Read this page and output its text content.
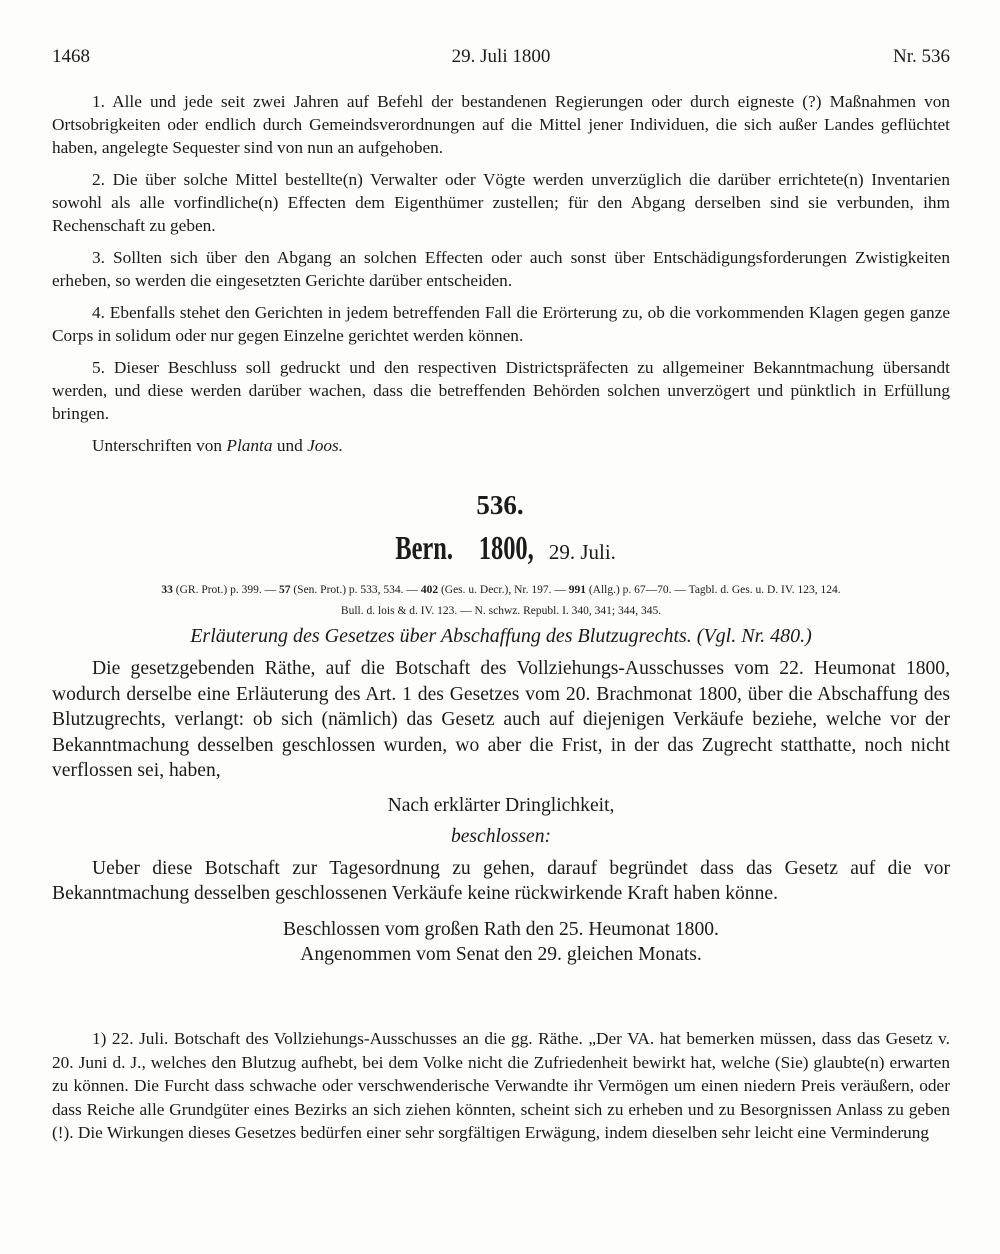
1468	29. Juli 1800	Nr. 536

1. Alle und jede seit zwei Jahren auf Befehl der bestandenen Regierungen oder durch eigneste (?) Maßnahmen von Ortsobrigkeiten oder endlich durch Gemeindsverordnungen auf die Mittel jener Individuen, die sich außer Landes geflüchtet haben, angelegte Sequester sind von nun an aufgehoben.

2. Die über solche Mittel bestellte(n) Verwalter oder Vögte werden unverzüglich die darüber errichtete(n) Inventarien sowohl als alle vorfindliche(n) Effecten dem Eigenthümer zustellen; für den Abgang derselben sind sie verbunden, ihm Rechenschaft zu geben.

3. Sollten sich über den Abgang an solchen Effecten oder auch sonst über Entschädigungsforderungen Zwistigkeiten erheben, so werden die eingesetzten Gerichte darüber entscheiden.

4. Ebenfalls stehet den Gerichten in jedem betreffenden Fall die Erörterung zu, ob die vorkommenden Klagen gegen ganze Corps in solidum oder nur gegen Einzelne gerichtet werden können.

5. Dieser Beschluss soll gedruckt und den respectiven Districtspräfecten zu allgemeiner Bekanntmachung übersandt werden, und diese werden darüber wachen, dass die betreffenden Behörden solchen unverzögert und pünktlich in Erfüllung bringen.

Unterschriften von Planta und Joos.

536.
Bern. 1800, 29. Juli.
33 (GR. Prot.) p. 399. — 57 (Sen. Prot.) p. 533, 534. — 402 (Ges. u. Decr.), Nr. 197. — 991 (Allg.) p. 67—70. — Tagbl. d. Ges. u. D. IV. 123, 124.
Bull. d. lois & d. IV. 123. — N. schwz. Republ. I. 340, 341; 344, 345.
Erläuterung des Gesetzes über Abschaffung des Blutzugrechts. (Vgl. Nr. 480.)

Die gesetzgebenden Räthe, auf die Botschaft des Vollziehungs-Ausschusses vom 22. Heumonat 1800, wodurch derselbe eine Erläuterung des Art. 1 des Gesetzes vom 20. Brachmonat 1800, über die Abschaffung des Blutzugrechts, verlangt: ob sich (nämlich) das Gesetz auch auf diejenigen Verkäufe beziehe, welche vor der Bekanntmachung desselben geschlossen wurden, wo aber die Frist, in der das Zugrecht statthatte, noch nicht verflossen sei, haben,

Nach erklärter Dringlichkeit,

beschlossen:

Ueber diese Botschaft zur Tagesordnung zu gehen, darauf begründet dass das Gesetz auf die vor Bekanntmachung desselben geschlossenen Verkäufe keine rückwirkende Kraft haben könne.

Beschlossen vom großen Rath den 25. Heumonat 1800.

Angenommen vom Senat den 29. gleichen Monats.

1) 22. Juli. Botschaft des Vollziehungs-Ausschusses an die gg. Räthe. „Der VA. hat bemerken müssen, dass das Gesetz v. 20. Juni d. J., welches den Blutzug aufhebt, bei dem Volke nicht die Zufriedenheit bewirkt hat, welche (Sie) glaubte(n) erwarten zu können. Die Furcht dass schwache oder verschwenderische Verwandte ihr Vermögen um einen niedern Preis veräußern, oder dass Reiche alle Grundgüter eines Bezirks an sich ziehen könnten, scheint sich zu erheben und zu Besorgnissen Anlass zu geben (!). Die Wirkungen dieses Gesetzes bedürfen einer sehr sorgfältigen Erwägung, indem dieselben sehr leicht eine Verminderung
